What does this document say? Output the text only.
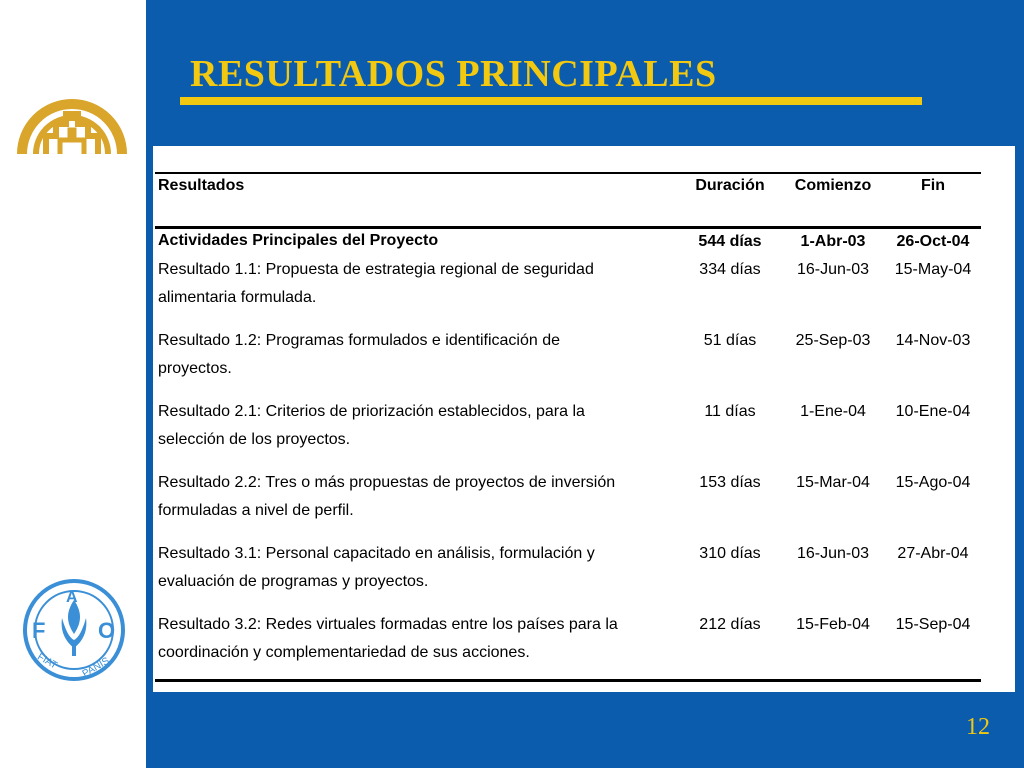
F
A
O
FIAT PANIS
RESULTADOS PRINCIPALES
Resultados	Duración	Comienzo	Fin
Actividades Principales del Proyecto	544 días	1-Abr-03	26-Oct-04
Resultado 1.1: Propuesta de estrategia regional de seguridad
alimentaria formulada.
334 días	16-Jun-03	15-May-04
Resultado 1.2: Programas formulados e identificación de
proyectos.
51 días	25-Sep-03	14-Nov-03
Resultado 2.1: Criterios de priorización establecidos, para la
selección de los proyectos.
11 días	1-Ene-04	10-Ene-04
Resultado 2.2: Tres o más propuestas de proyectos de inversión
formuladas a nivel de perfil.
153 días	15-Mar-04	15-Ago-04
Resultado 3.1: Personal capacitado en análisis, formulación y
evaluación de programas y proyectos.
310 días	16-Jun-03	27-Abr-04
Resultado 3.2: Redes virtuales formadas entre los países para la
coordinación y complementariedad de sus acciones.
212 días	15-Feb-04	15-Sep-04
12
